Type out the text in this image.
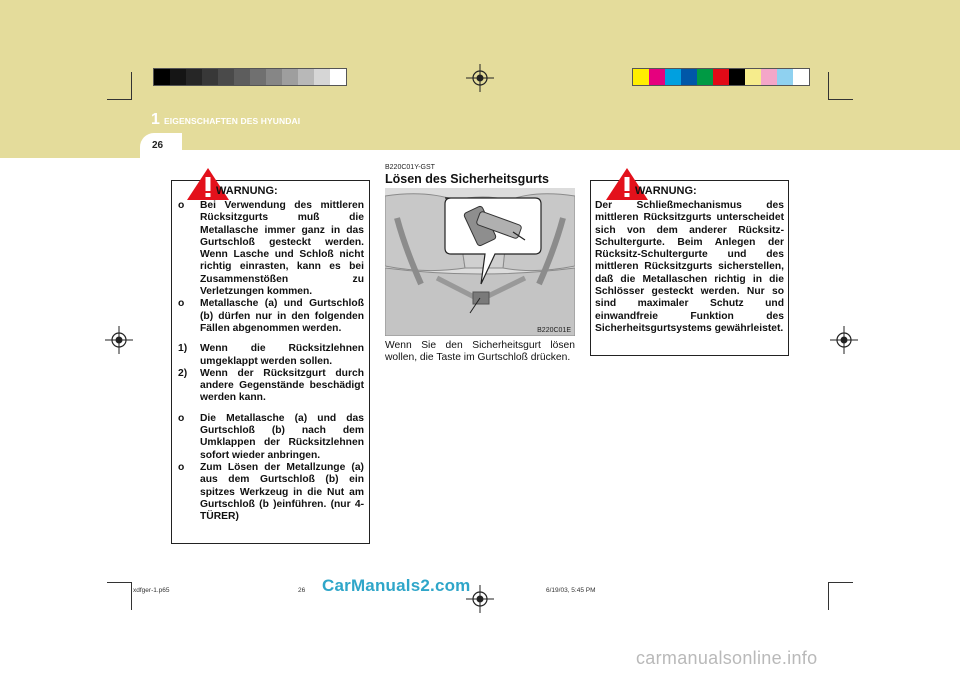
1 EIGENSCHAFTEN DES HYUNDAI
26
WARNUNG:
o Bei Verwendung des mittleren Rücksitzgurts muß die Metallasche immer ganz in das Gurtschloß gesteckt werden. Wenn Lasche und Schloß nicht richtig einrasten, kann es bei Zusammenstößen zu Verletzungen kommen.
o Metallasche (a) und Gurtschloß (b) dürfen nur in den folgenden Fällen abgenommen werden.
1) Wenn die Rücksitzlehnen umgeklappt werden sollen.
2) Wenn der Rücksitzgurt durch andere Gegenstände beschädigt werden kann.
o Die Metallasche (a) und das Gurtschloß (b) nach dem Umklappen der Rücksitzlehnen sofort wieder anbringen.
o Zum Lösen der Metallzunge (a) aus dem Gurtschloß (b) ein spitzes Werkzeug in die Nut am Gurtschloß (b )einführen. (nur 4-TÜRER)
B220C01Y-GST
Lösen des Sicherheitsgurts
B220C01E
Wenn Sie den Sicherheitsgurt lösen wollen, die Taste im Gurtschloß drücken.
WARNUNG:
Der Schließmechanismus des mittleren Rücksitzgurts unterscheidet sich von dem anderer Rücksitz-Schultergurte. Beim Anlegen der Rücksitz-Schultergurte und des mittleren Rücksitzgurts sicherstellen, daß die Metallaschen richtig in die Schlösser gesteckt werden. Nur so sind maximaler Schutz und einwandfreie Funktion des Sicherheitsgurtsystems gewährleistet.
xdfger-1.p65	26	6/19/03, 5:45 PM
CarManuals2.com
carmanualsonline.info
